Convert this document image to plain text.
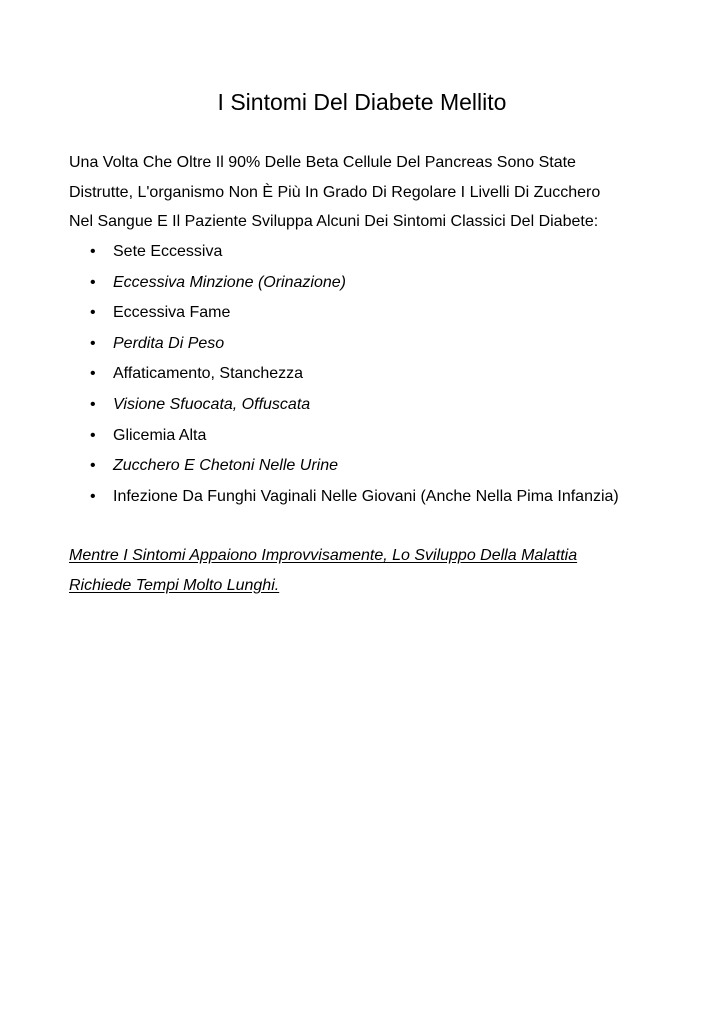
I Sintomi Del Diabete Mellito

Una Volta Che Oltre Il 90% Delle Beta Cellule Del Pancreas Sono State
Distrutte, L'organismo Non È Più In Grado Di Regolare I Livelli Di Zucchero
Nel Sangue E Il Paziente Sviluppa Alcuni Dei Sintomi Classici Del Diabete:

• Sete Eccessiva
• Eccessiva Minzione (Orinazione)
• Eccessiva Fame
• Perdita Di Peso
• Affaticamento, Stanchezza
• Visione Sfuocata, Offuscata
• Glicemia Alta
• Zucchero E Chetoni Nelle Urine
• Infezione Da Funghi Vaginali Nelle Giovani (Anche Nella Pima Infanzia)

Mentre I Sintomi Appaiono Improvvisamente, Lo Sviluppo Della Malattia
Richiede Tempi Molto Lunghi.
